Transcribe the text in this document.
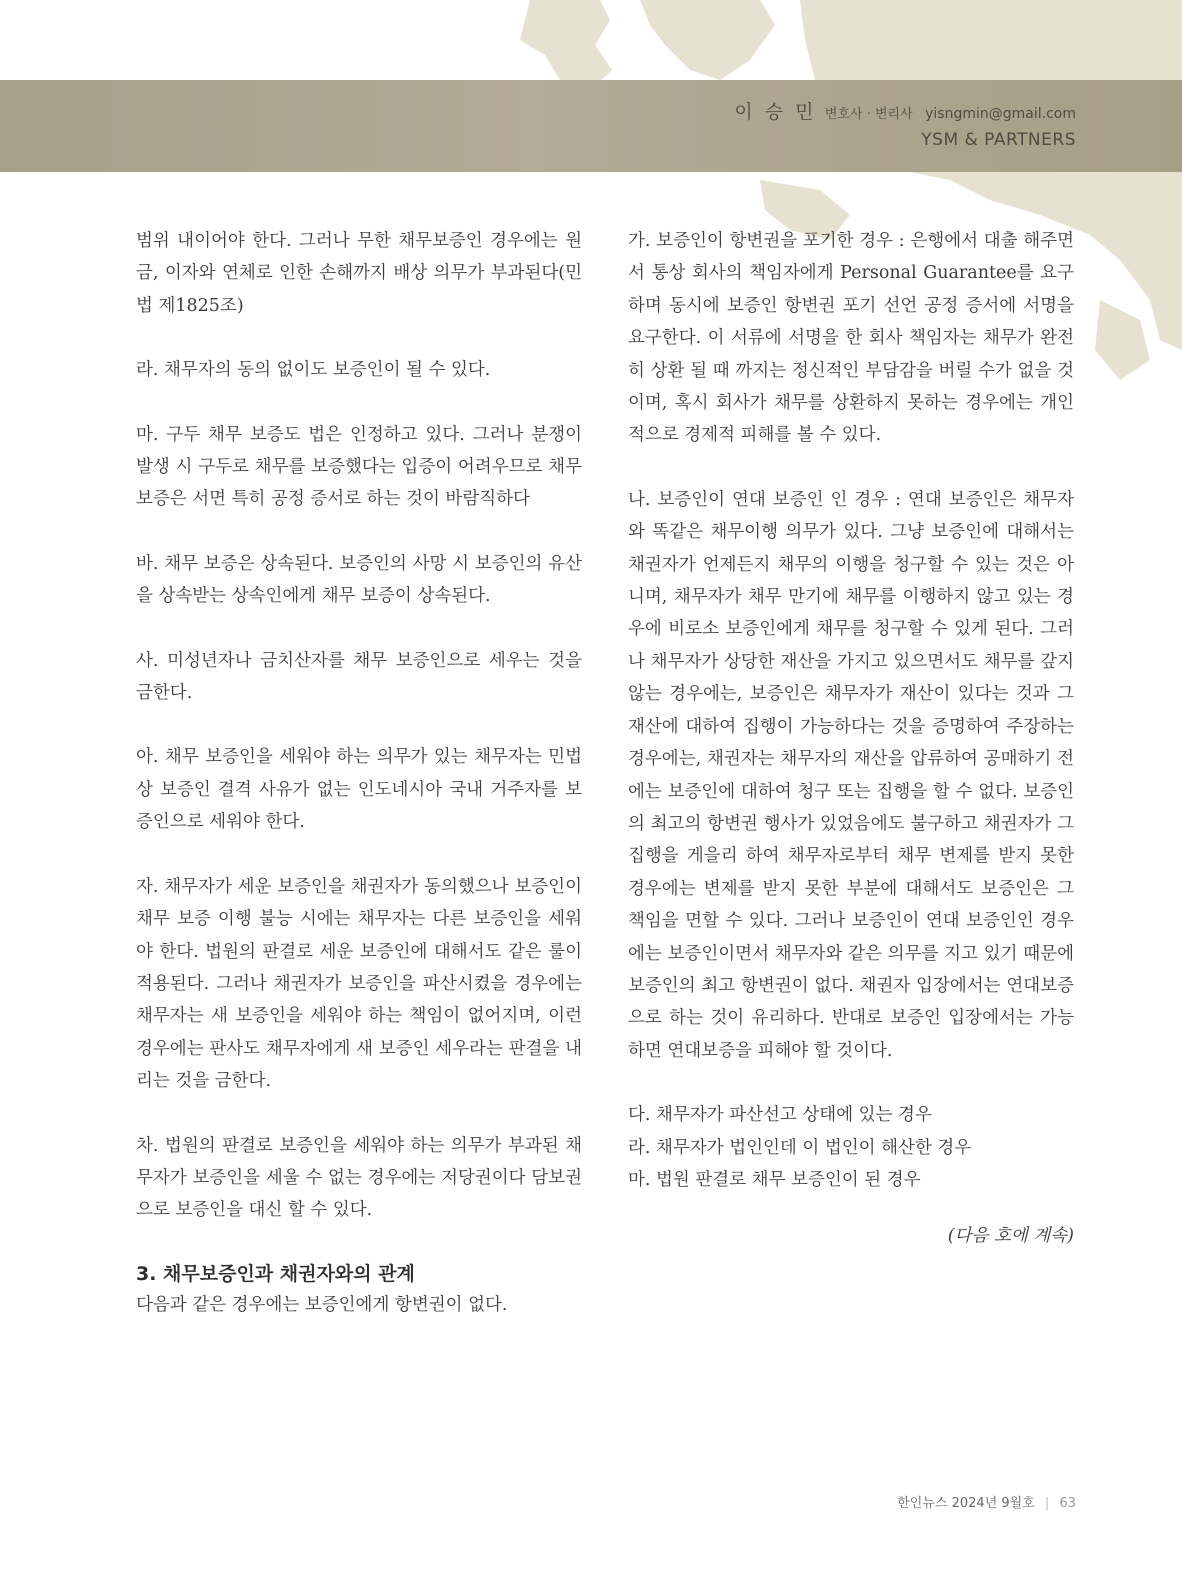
이 승 민 변호사 · 변리사 yisngmin@gmail.com
YSM & PARTNERS

범위 내이어야 한다. 그러나 무한 채무보증인 경우에는 원금, 이자와 연체로 인한 손해까지 배상 의무가 부과된다(민법 제1825조)

라. 채무자의 동의 없이도 보증인이 될 수 있다.

마. 구두 채무 보증도 법은 인정하고 있다. 그러나 분쟁이 발생 시 구두로 채무를 보증했다는 입증이 어려우므로 채무 보증은 서면 특히 공정 증서로 하는 것이 바람직하다

바. 채무 보증은 상속된다. 보증인의 사망 시 보증인의 유산을 상속받는 상속인에게 채무 보증이 상속된다.

사. 미성년자나 금치산자를 채무 보증인으로 세우는 것을 금한다.

아. 채무 보증인을 세워야 하는 의무가 있는 채무자는 민법상 보증인 결격 사유가 없는 인도네시아 국내 거주자를 보증인으로 세워야 한다.

자. 채무자가 세운 보증인을 채권자가 동의했으나 보증인이 채무 보증 이행 불능 시에는 채무자는 다른 보증인을 세워야 한다. 법원의 판결로 세운 보증인에 대해서도 같은 룰이 적용된다. 그러나 채권자가 보증인을 파산시켰을 경우에는 채무자는 새 보증인을 세워야 하는 책임이 없어지며, 이런 경우에는 판사도 채무자에게 새 보증인 세우라는 판결을 내리는 것을 금한다.

차. 법원의 판결로 보증인을 세워야 하는 의무가 부과된 채무자가 보증인을 세울 수 없는 경우에는 저당권이다 담보권으로 보증인을 대신 할 수 있다.

3. 채무보증인과 채권자와의 관계

다음과 같은 경우에는 보증인에게 항변권이 없다.

가. 보증인이 항변권을 포기한 경우 : 은행에서 대출 해주면서 통상 회사의 책임자에게 Personal Guarantee를 요구하며 동시에 보증인 항변권 포기 선언 공정 증서에 서명을 요구한다. 이 서류에 서명을 한 회사 책임자는 채무가 완전히 상환 될 때 까지는 정신적인 부담감을 버릴 수가 없을 것이며, 혹시 회사가 채무를 상환하지 못하는 경우에는 개인적으로 경제적 피해를 볼 수 있다.

나. 보증인이 연대 보증인 인 경우 : 연대 보증인은 채무자와 똑같은 채무이행 의무가 있다. 그냥 보증인에 대해서는 채권자가 언제든지 채무의 이행을 청구할 수 있는 것은 아니며, 채무자가 채무 만기에 채무를 이행하지 않고 있는 경우에 비로소 보증인에게 채무를 청구할 수 있게 된다. 그러나 채무자가 상당한 재산을 가지고 있으면서도 채무를 갚지 않는 경우에는, 보증인은 채무자가 재산이 있다는 것과 그 재산에 대하여 집행이 가능하다는 것을 증명하여 주장하는 경우에는, 채권자는 채무자의 재산을 압류하여 공매하기 전에는 보증인에 대하여 청구 또는 집행을 할 수 없다. 보증인의 최고의 항변권 행사가 있었음에도 불구하고 채권자가 그 집행을 게을리 하여 채무자로부터 채무 변제를 받지 못한 경우에는 변제를 받지 못한 부분에 대해서도 보증인은 그 책임을 면할 수 있다. 그러나 보증인이 연대 보증인인 경우에는 보증인이면서 채무자와 같은 의무를 지고 있기 때문에 보증인의 최고 항변권이 없다. 채권자 입장에서는 연대보증으로 하는 것이 유리하다. 반대로 보증인 입장에서는 가능하면 연대보증을 피해야 할 것이다.

다. 채무자가 파산선고 상태에 있는 경우

라. 채무자가 법인인데 이 법인이 해산한 경우

마. 법원 판결로 채무 보증인이 된 경우

(다음 호에 계속)
한인뉴스 2024년 9월호 | 63
